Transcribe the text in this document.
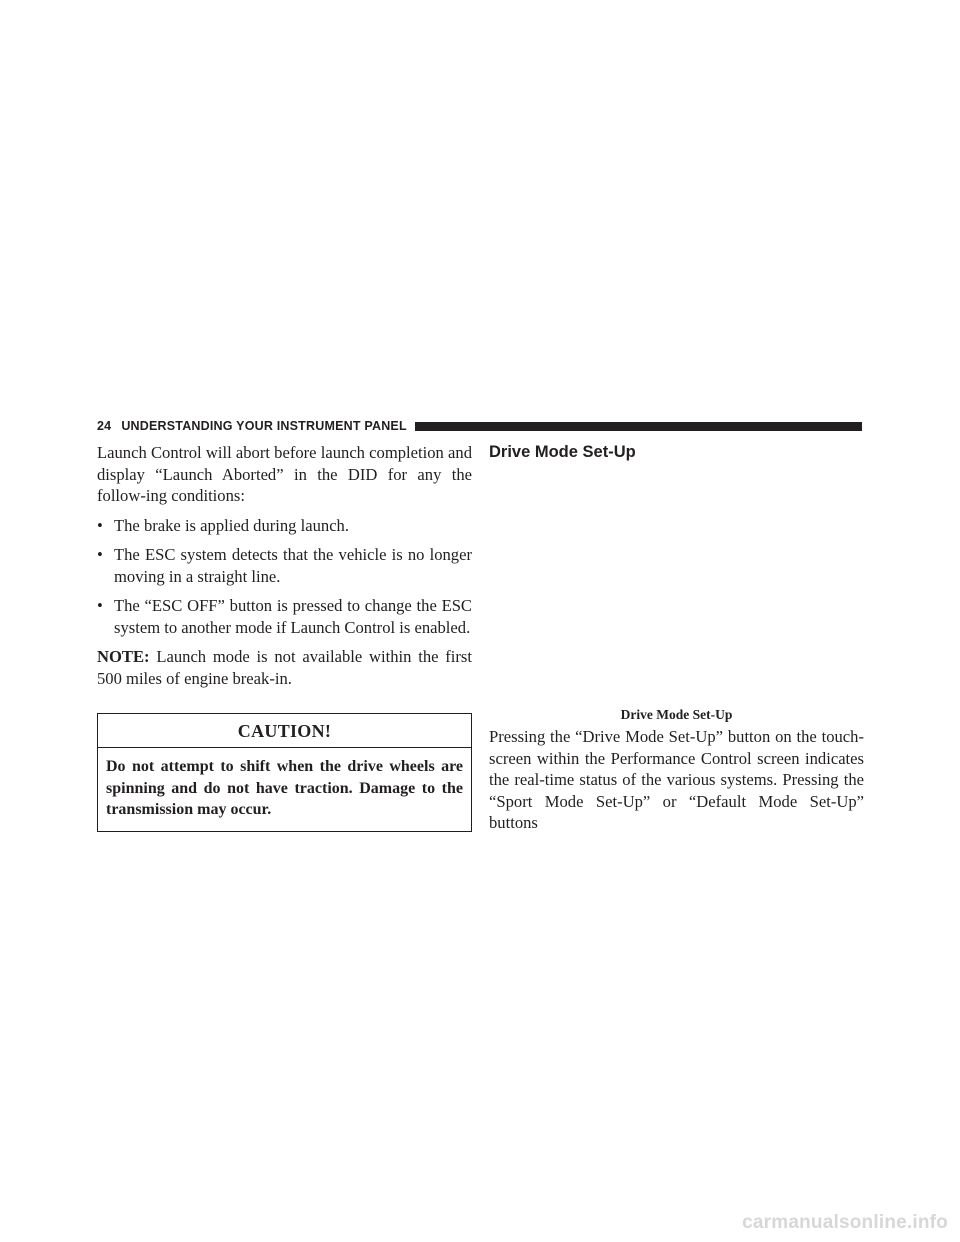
24 UNDERSTANDING YOUR INSTRUMENT PANEL

Launch Control will abort before launch completion and display “Launch Aborted” in the DID for any the follow-ing conditions:

• The brake is applied during launch.
• The ESC system detects that the vehicle is no longer moving in a straight line.
• The “ESC OFF” button is pressed to change the ESC system to another mode if Launch Control is enabled.

NOTE: Launch mode is not available within the first 500 miles of engine break-in.

CAUTION!
Do not attempt to shift when the drive wheels are spinning and do not have traction. Damage to the transmission may occur.
Drive Mode Set-Up
Drive Mode Set-Up

Pressing the “Drive Mode Set-Up” button on the touch-screen within the Performance Control screen indicates the real-time status of the various systems. Pressing the “Sport Mode Set-Up” or “Default Mode Set-Up” buttons

carmanualsonline.info
